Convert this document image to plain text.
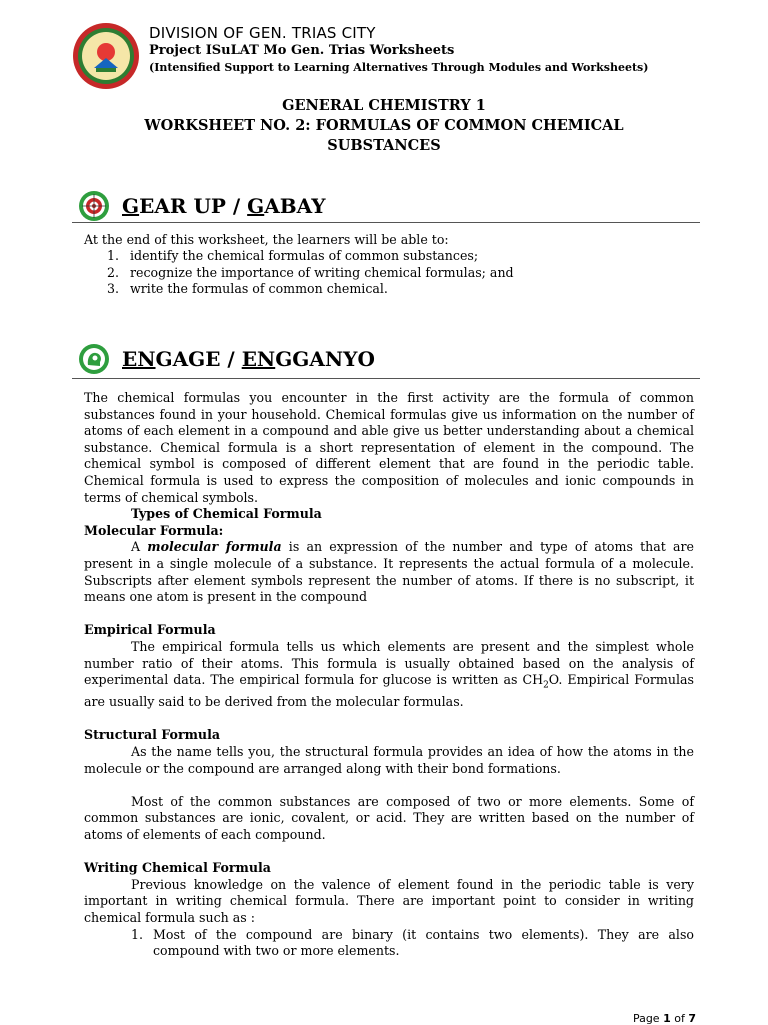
DIVISION OF GEN. TRIAS CITY
Project ISuLAT Mo Gen. Trias Worksheets
(Intensified Support to Learning Alternatives Through Modules and Worksheets)
GENERAL CHEMISTRY 1
WORKSHEET NO. 2: FORMULAS OF COMMON CHEMICAL
SUBSTANCES
GEAR UP / GABAY
At the end of this worksheet, the learners will be able to:
1. identify the chemical formulas of common substances;
2. recognize the importance of writing chemical formulas; and
3. write the formulas of common chemical.
ENGAGE / ENGGANYO

The chemical formulas you encounter in the first activity are the formula of common substances found in your household. Chemical formulas give us information on the number of atoms of each element in a compound and able give us better understanding about a chemical substance. Chemical formula is a short representation of element in the compound. The chemical symbol is composed of different element that are found in the periodic table. Chemical formula is used to express the composition of molecules and ionic compounds in terms of chemical symbols.

Types of Chemical Formula

Molecular Formula:

A molecular formula is an expression of the number and type of atoms that are present in a single molecule of a substance. It represents the actual formula of a molecule. Subscripts after element symbols represent the number of atoms. If there is no subscript, it means one atom is present in the compound

Empirical Formula

The empirical formula tells us which elements are present and the simplest whole number ratio of their atoms. This formula is usually obtained based on the analysis of experimental data. The empirical formula for glucose is written as $CH_2O$. Empirical Formulas are usually said to be derived from the molecular formulas.

Structural Formula

As the name tells you, the structural formula provides an idea of how the atoms in the molecule or the compound are arranged along with their bond formations.

Most of the common substances are composed of two or more elements. Some of common substances are ionic, covalent, or acid. They are written based on the number of atoms of elements of each compound.

Writing Chemical Formula

Previous knowledge on the valence of element found in the periodic table is very important in writing chemical formula. There are important point to consider in writing chemical formula such as :

1. Most of the compound are binary (it contains two elements). They are also compound with two or more elements.
Page 1 of 7
